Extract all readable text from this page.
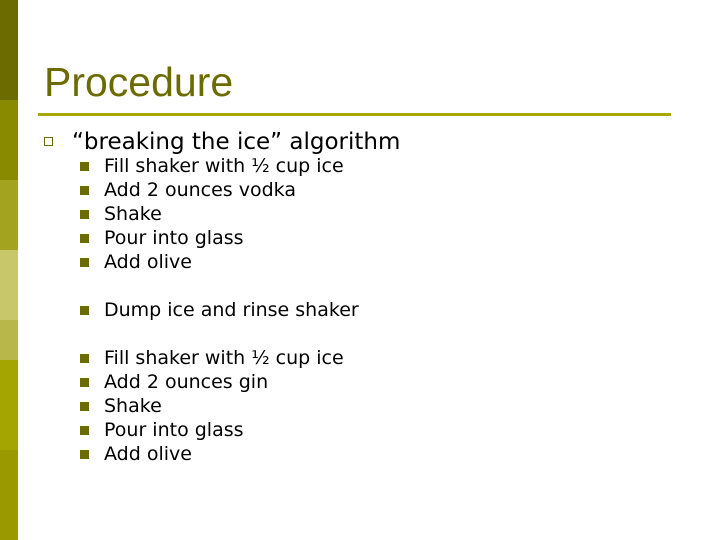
Procedure
“breaking the ice” algorithm
Fill shaker with ½ cup ice
Add 2 ounces vodka
Shake
Pour into glass
Add olive
Dump ice and rinse shaker
Fill shaker with ½ cup ice
Add 2 ounces gin
Shake
Pour into glass
Add olive
